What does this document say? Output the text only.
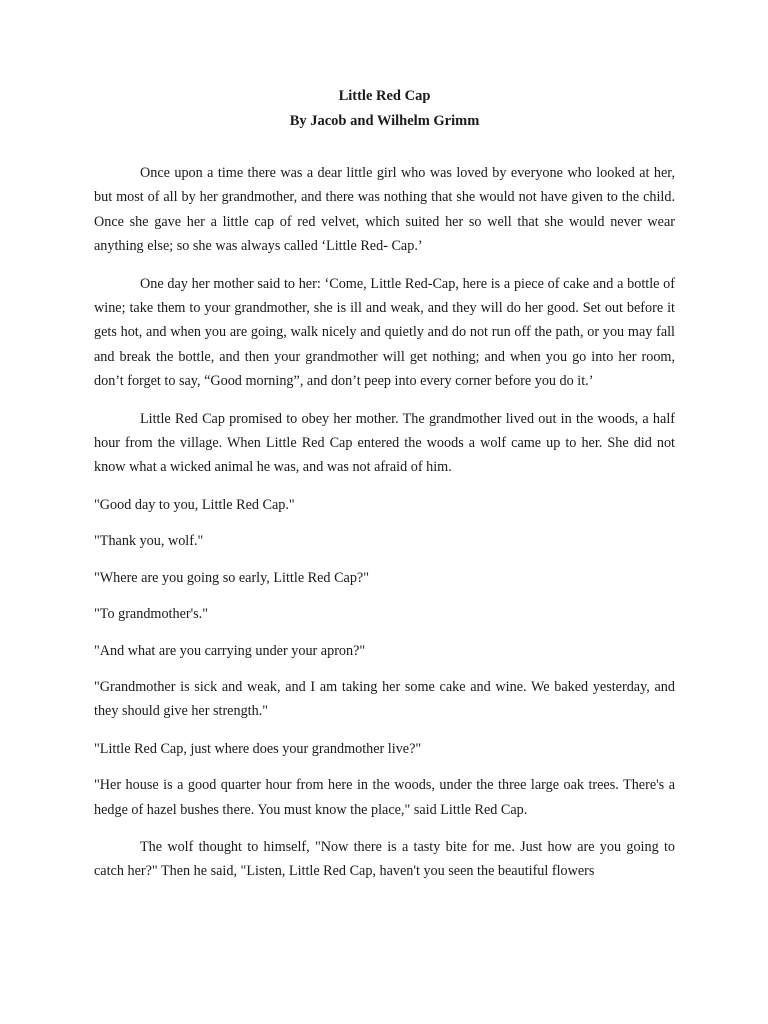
Little Red Cap
By Jacob and Wilhelm Grimm

Once upon a time there was a dear little girl who was loved by everyone who looked at her, but most of all by her grandmother, and there was nothing that she would not have given to the child. Once she gave her a little cap of red velvet, which suited her so well that she would never wear anything else; so she was always called ‘Little Red- Cap.’

One day her mother said to her: ‘Come, Little Red-Cap, here is a piece of cake and a bottle of wine; take them to your grandmother, she is ill and weak, and they will do her good. Set out before it gets hot, and when you are going, walk nicely and quietly and do not run off the path, or you may fall and break the bottle, and then your grandmother will get nothing; and when you go into her room, don’t forget to say, “Good morning”, and don’t peep into every corner before you do it.’

Little Red Cap promised to obey her mother. The grandmother lived out in the woods, a half hour from the village. When Little Red Cap entered the woods a wolf came up to her. She did not know what a wicked animal he was, and was not afraid of him.

"Good day to you, Little Red Cap."

"Thank you, wolf."

"Where are you going so early, Little Red Cap?"

"To grandmother's."

"And what are you carrying under your apron?"

"Grandmother is sick and weak, and I am taking her some cake and wine. We baked yesterday, and they should give her strength."

"Little Red Cap, just where does your grandmother live?"

"Her house is a good quarter hour from here in the woods, under the three large oak trees. There's a hedge of hazel bushes there. You must know the place," said Little Red Cap.

The wolf thought to himself, "Now there is a tasty bite for me. Just how are you going to catch her?" Then he said, "Listen, Little Red Cap, haven't you seen the beautiful flowers
